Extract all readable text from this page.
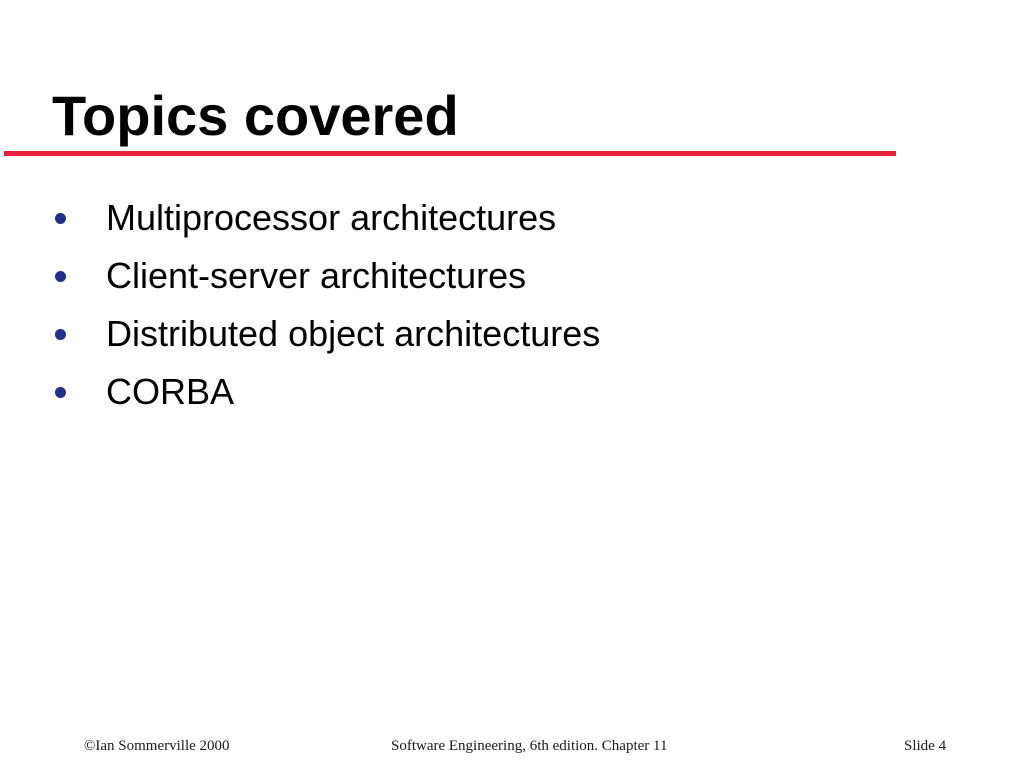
Topics covered
Multiprocessor architectures
Client-server architectures
Distributed object architectures
CORBA
©Ian Sommerville 2000	Software Engineering, 6th edition. Chapter 11	Slide 4
